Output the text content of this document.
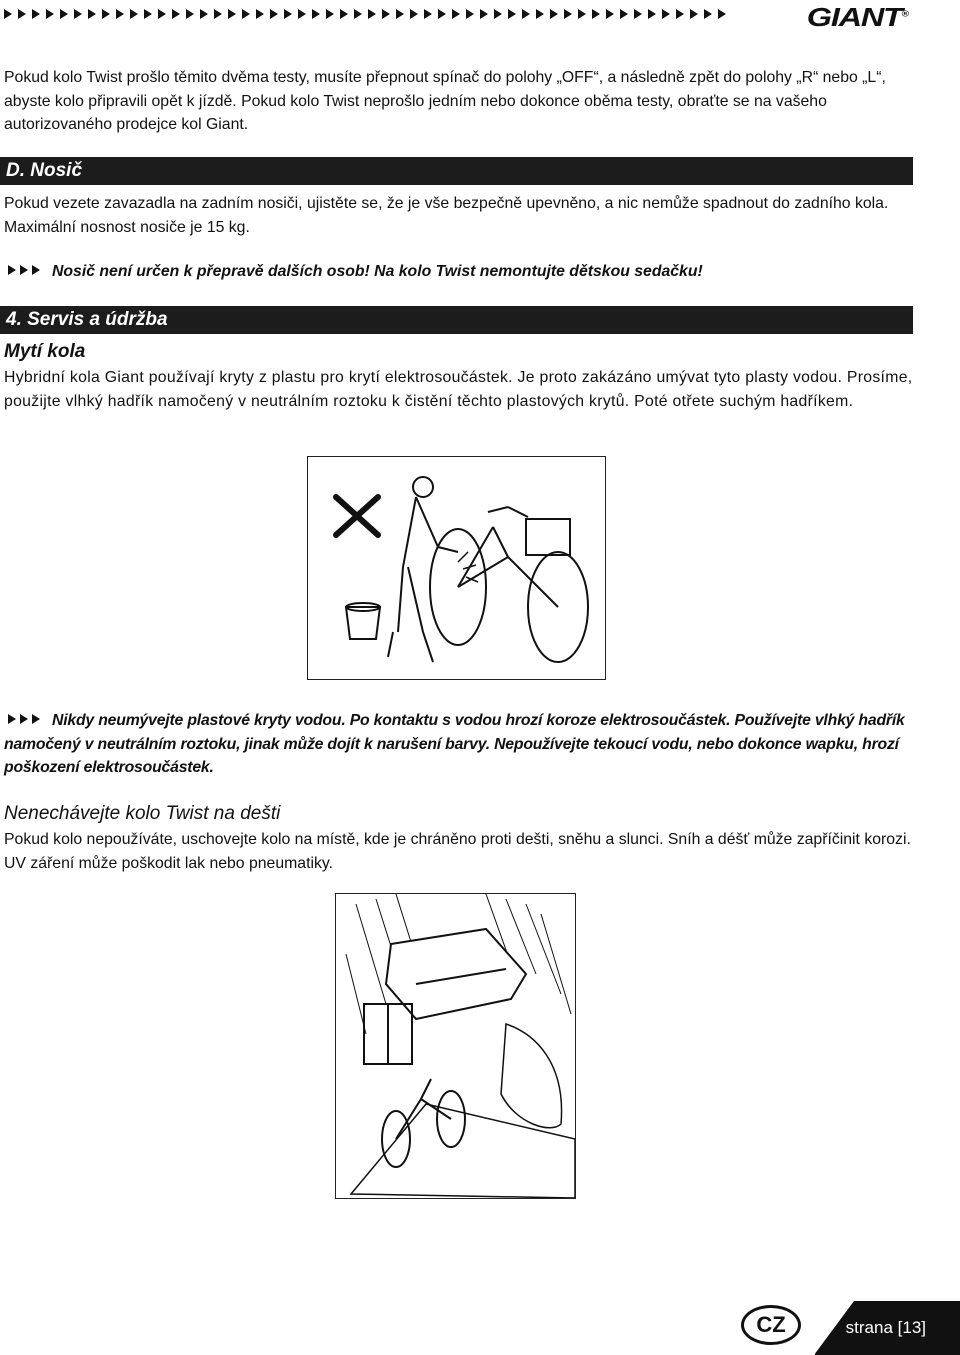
GIANT®
Pokud kolo Twist prošlo těmito dvěma testy, musíte přepnout spínač do polohy „OFF“, a následně zpět do polohy „R“ nebo „L“, abyste kolo připravili opět k jízdě. Pokud kolo Twist neprošlo jedním nebo dokonce oběma testy, obraťte se na vašeho autorizovaného prodejce kol Giant.
D. Nosič
Pokud vezete zavazadla na zadním nosiči, ujistěte se, že je vše bezpečně upevněno, a nic nemůže spadnout do zadního kola. Maximální nosnost nosiče je 15 kg.
Nosič není určen k přepravě dalších osob! Na kolo Twist nemontujte dětskou sedačku!
4. Servis a údržba
Mytí kola
Hybridní kola Giant používají kryty z plastu pro krytí elektrosoučástek. Je proto zakázáno umývat tyto plasty vodou. Prosíme, použijte vlhký hadřík namočený v neutrálním roztoku k čistění těchto plastových krytů. Poté otřete suchým hadříkem.
Nikdy neumývejte plastové kryty vodou. Po kontaktu s vodou hrozí koroze elektrosoučástek. Používejte vlhký hadřík namočený v neutrálním roztoku, jinak může dojít k narušení barvy. Nepoužívejte tekoucí vodu, nebo dokonce wapku, hrozí poškození elektrosoučástek.
Nenechávejte kolo Twist na dešti
Pokud kolo nepoužíváte, uschovejte kolo na místě, kde je chráněno proti dešti, sněhu a slunci. Sníh a déšť může zapříčinit korozi. UV záření může poškodit lak nebo pneumatiky.
CZ	strana [13]
